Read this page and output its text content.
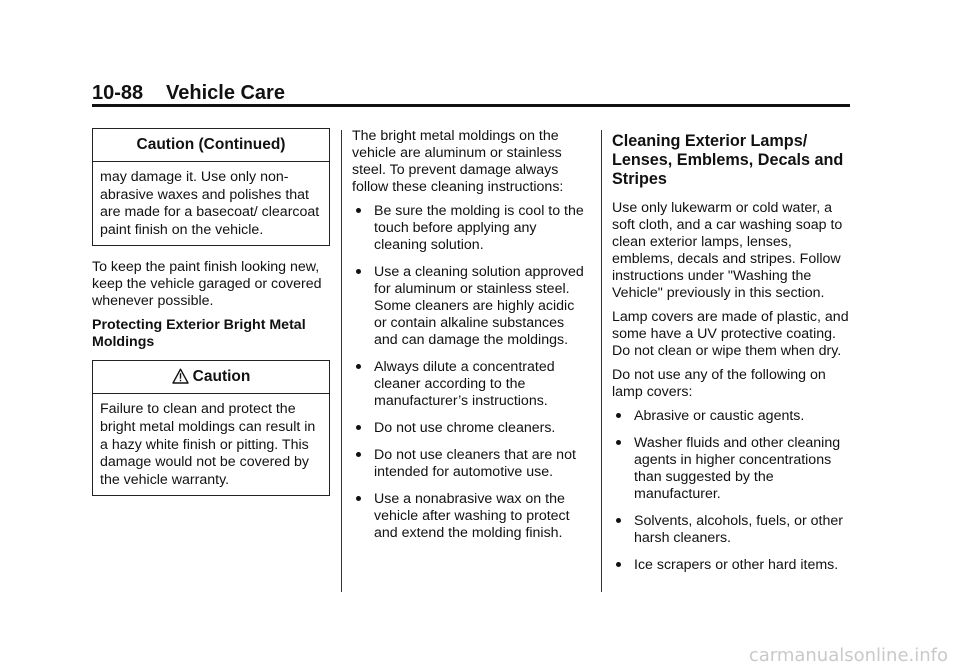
10-88 Vehicle Care
Caution (Continued)
may damage it. Use only non-abrasive waxes and polishes that are made for a basecoat/ clearcoat paint finish on the vehicle.

To keep the paint finish looking new, keep the vehicle garaged or covered whenever possible.

Protecting Exterior Bright Metal Moldings
Caution
Failure to clean and protect the bright metal moldings can result in a hazy white finish or pitting. This damage would not be covered by the vehicle warranty.

The bright metal moldings on the vehicle are aluminum or stainless steel. To prevent damage always follow these cleaning instructions:

Be sure the molding is cool to the touch before applying any cleaning solution.
Use a cleaning solution approved for aluminum or stainless steel. Some cleaners are highly acidic or contain alkaline substances and can damage the moldings.
Always dilute a concentrated cleaner according to the manufacturer’s instructions.
Do not use chrome cleaners.
Do not use cleaners that are not intended for automotive use.
Use a nonabrasive wax on the vehicle after washing to protect and extend the molding finish.
Cleaning Exterior Lamps/ Lenses, Emblems, Decals and Stripes

Use only lukewarm or cold water, a soft cloth, and a car washing soap to clean exterior lamps, lenses, emblems, decals and stripes. Follow instructions under "Washing the Vehicle" previously in this section.

Lamp covers are made of plastic, and some have a UV protective coating. Do not clean or wipe them when dry.

Do not use any of the following on lamp covers:

Abrasive or caustic agents.
Washer fluids and other cleaning agents in higher concentrations than suggested by the manufacturer.
Solvents, alcohols, fuels, or other harsh cleaners.
Ice scrapers or other hard items.
carmanualsonline.info
